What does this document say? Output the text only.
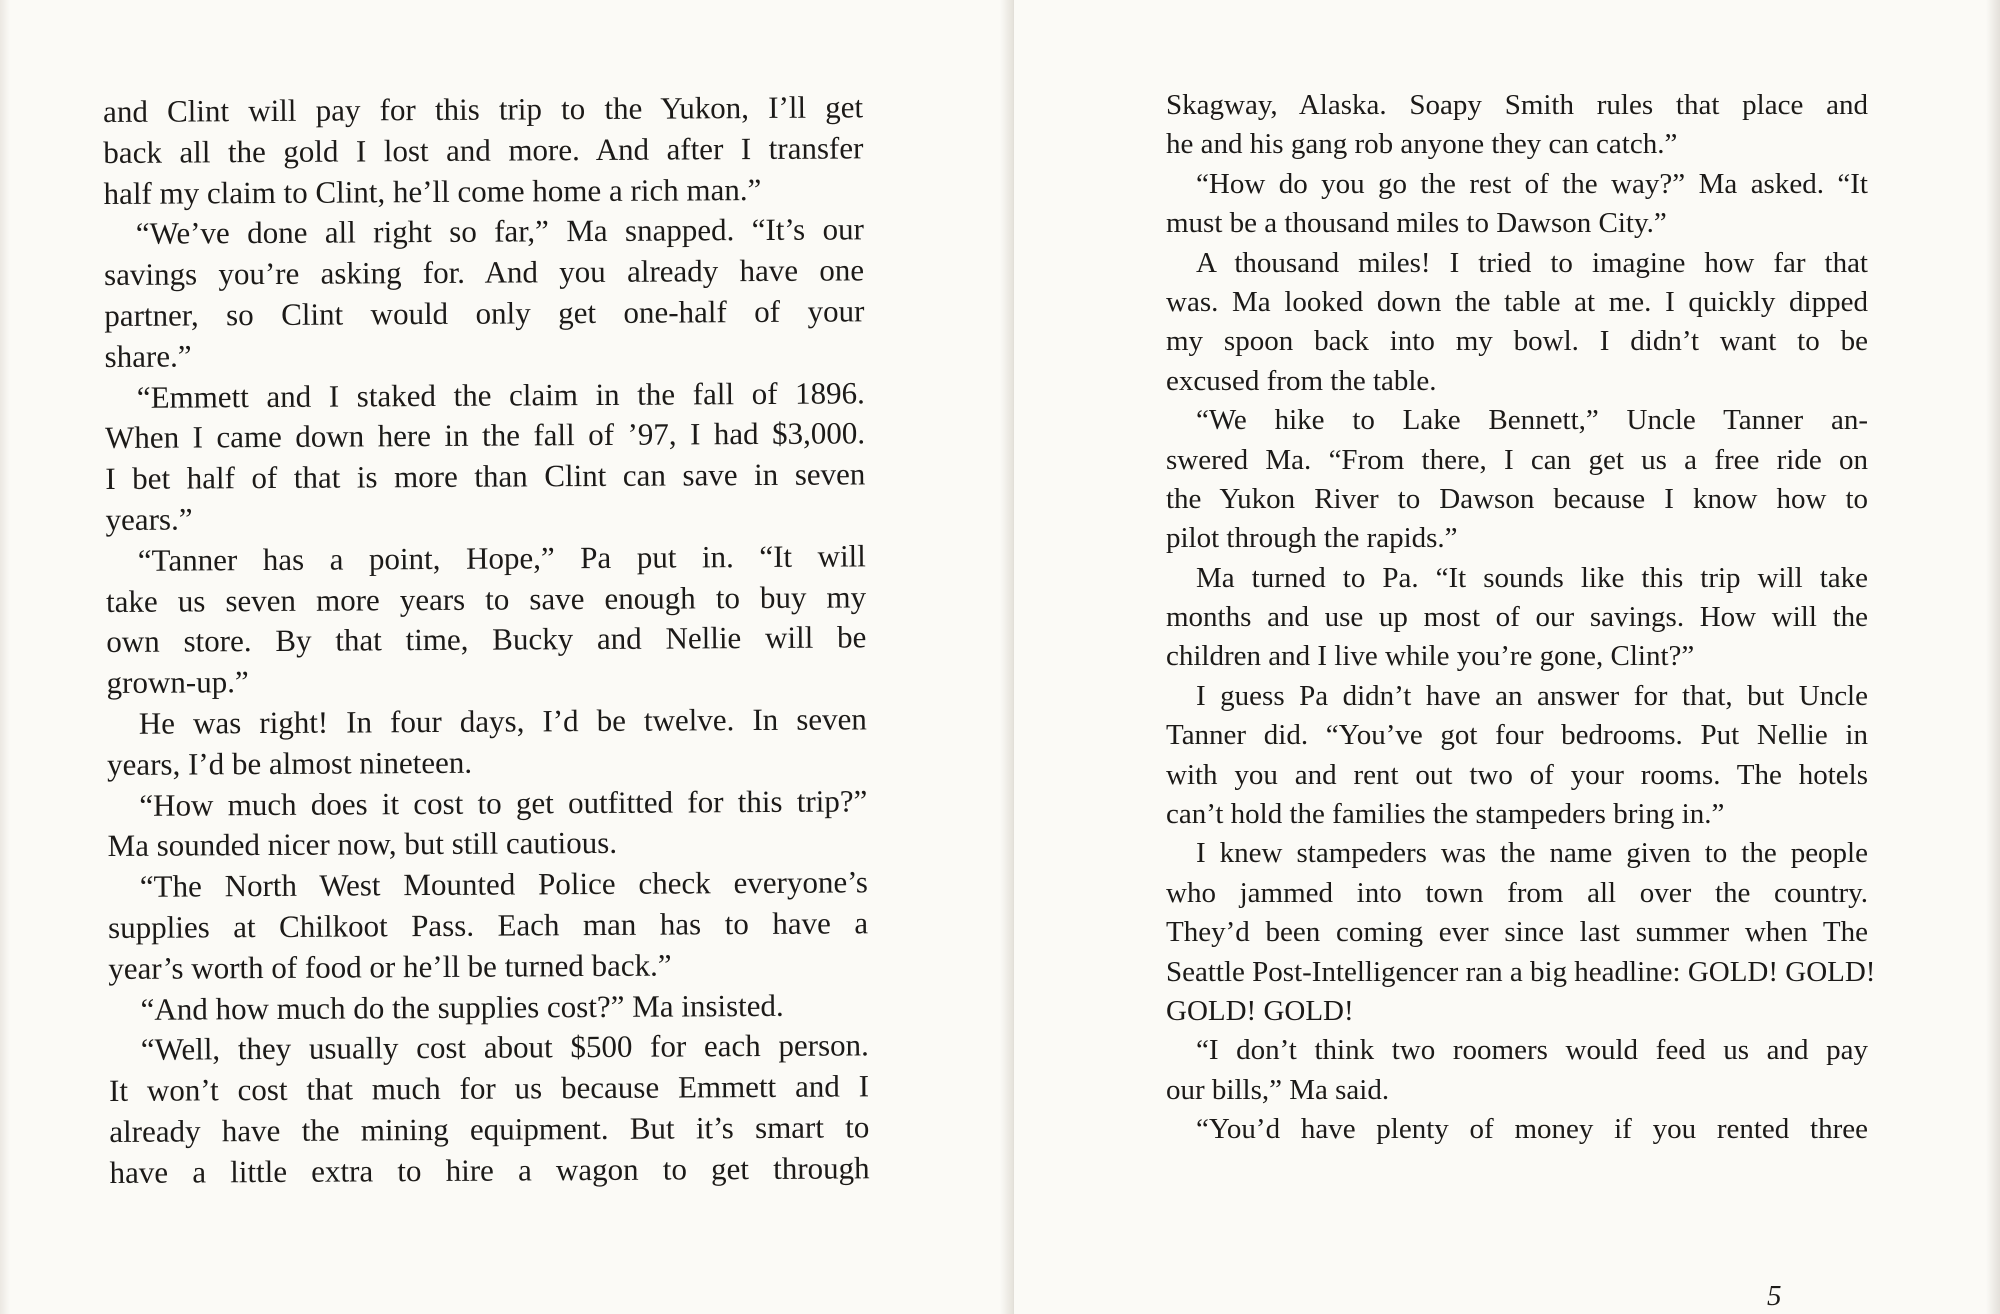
and Clint will pay for this trip to the Yukon, I’ll get
back all the gold I lost and more. And after I transfer
half my claim to Clint, he’ll come home a rich man.”
“We’ve done all right so far,” Ma snapped. “It’s our
savings you’re asking for. And you already have one
partner, so Clint would only get one-half of your
share.”
“Emmett and I staked the claim in the fall of 1896.
When I came down here in the fall of ’97, I had $3,000.
I bet half of that is more than Clint can save in seven
years.”
“Tanner has a point, Hope,” Pa put in. “It will
take us seven more years to save enough to buy my
own store. By that time, Bucky and Nellie will be
grown-up.”
He was right! In four days, I’d be twelve. In seven
years, I’d be almost nineteen.
“How much does it cost to get outfitted for this trip?”
Ma sounded nicer now, but still cautious.
“The North West Mounted Police check everyone’s
supplies at Chilkoot Pass. Each man has to have a
year’s worth of food or he’ll be turned back.”
“And how much do the supplies cost?” Ma insisted.
“Well, they usually cost about $500 for each person.
It won’t cost that much for us because Emmett and I
already have the mining equipment. But it’s smart to
have a little extra to hire a wagon to get through
Skagway, Alaska. Soapy Smith rules that place and
he and his gang rob anyone they can catch.”
“How do you go the rest of the way?” Ma asked. “It
must be a thousand miles to Dawson City.”
A thousand miles! I tried to imagine how far that
was. Ma looked down the table at me. I quickly dipped
my spoon back into my bowl. I didn’t want to be
excused from the table.
“We hike to Lake Bennett,” Uncle Tanner an-
swered Ma. “From there, I can get us a free ride on
the Yukon River to Dawson because I know how to
pilot through the rapids.”
Ma turned to Pa. “It sounds like this trip will take
months and use up most of our savings. How will the
children and I live while you’re gone, Clint?”
I guess Pa didn’t have an answer for that, but Uncle
Tanner did. “You’ve got four bedrooms. Put Nellie in
with you and rent out two of your rooms. The hotels
can’t hold the families the stampeders bring in.”
I knew stampeders was the name given to the people
who jammed into town from all over the country.
They’d been coming ever since last summer when The
Seattle Post-Intelligencer ran a big headline: GOLD! GOLD!
GOLD! GOLD!
“I don’t think two roomers would feed us and pay
our bills,” Ma said.
“You’d have plenty of money if you rented three
5
